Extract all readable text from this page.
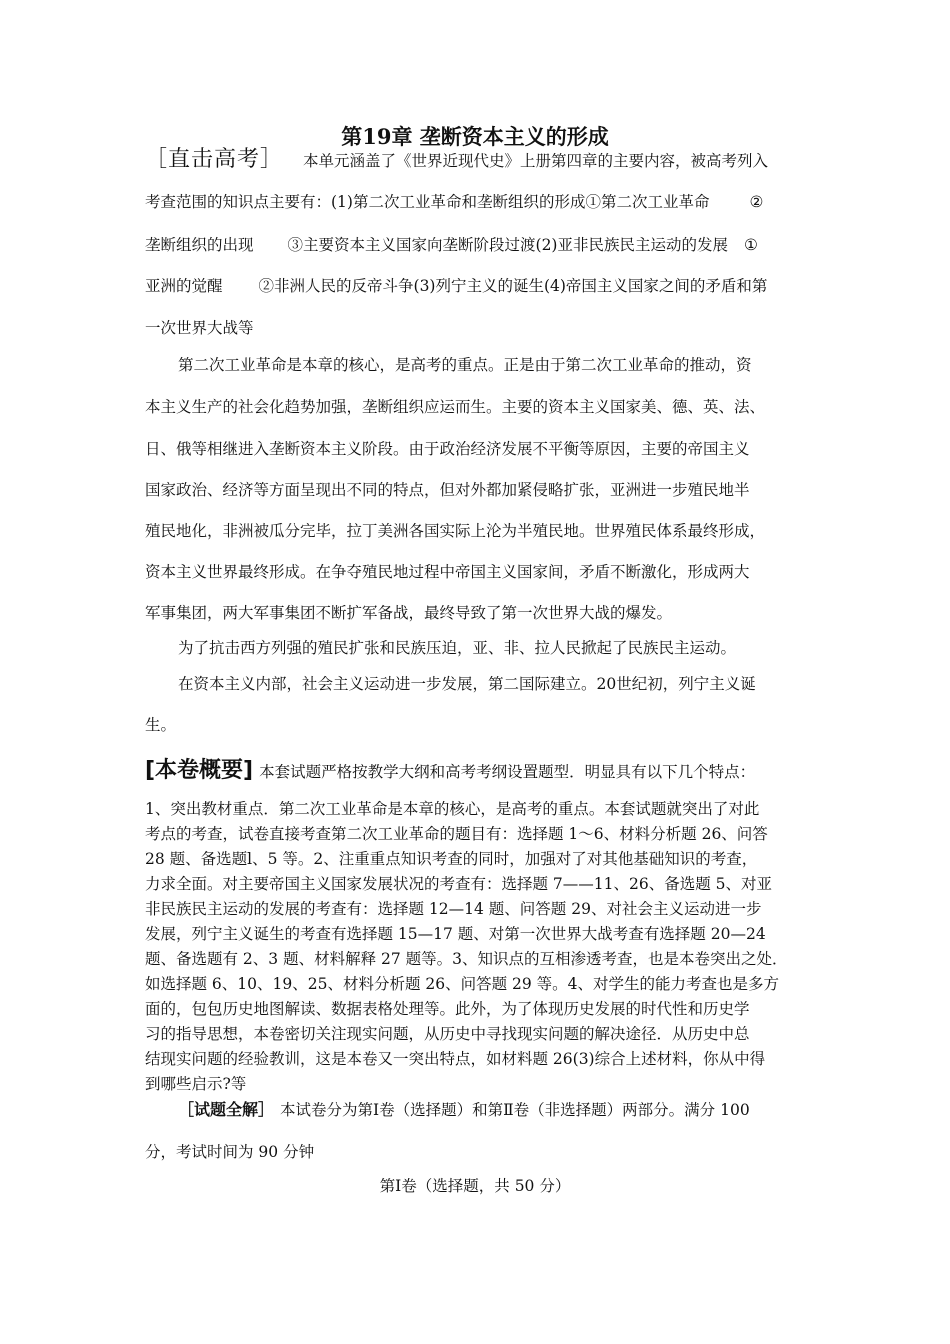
第19章 垄断资本主义的形成
［直击高考］ 本单元涵盖了《世界近现代史》上册第四章的主要内容，被高考列入
考查范围的知识点主要有：(1)第二次工业革命和垄断组织的形成①第二次工业革命	②
垄断组织的出现 ③主要资本主义国家向垄断阶段过渡(2)亚非民族民主运动的发展 ①
亚洲的觉醒 ②非洲人民的反帝斗争(3)列宁主义的诞生(4)帝国主义国家之间的矛盾和第
一次世界大战等
第二次工业革命是本章的核心，是高考的重点。正是由于第二次工业革命的推动，资
本主义生产的社会化趋势加强，垄断组织应运而生。主要的资本主义国家美、德、英、法、
日、俄等相继进入垄断资本主义阶段。由于政治经济发展不平衡等原因，主要的帝国主义
国家政治、经济等方面呈现出不同的特点，但对外都加紧侵略扩张，亚洲进一步殖民地半
殖民地化，非洲被瓜分完毕，拉丁美洲各国实际上沦为半殖民地。世界殖民体系最终形成，
资本主义世界最终形成。在争夺殖民地过程中帝国主义国家间，矛盾不断激化，形成两大
军事集团，两大军事集团不断扩军备战，最终导致了第一次世界大战的爆发。
为了抗击西方列强的殖民扩张和民族压迫，亚、非、拉人民掀起了民族民主运动。
在资本主义内部，社会主义运动进一步发展，第二国际建立。20世纪初，列宁主义诞
生。
[本卷概要] 本套试题严格按教学大纲和高考考纲设置题型．明显具有以下几个特点：
1、突出教材重点．第二次工业革命是本章的核心，是高考的重点。本套试题就突出了对此
考点的考查，试卷直接考查第二次工业革命的题目有：选择题 1～6、材料分析题 26、问答
28 题、备选题l、5 等。2、注重重点知识考查的同时，加强对了对其他基础知识的考查，
力求全面。对主要帝国主义国家发展状况的考查有：选择题 7——11、26、备选题 5、对亚
非民族民主运动的发展的考查有：选择题 12—14 题、问答题 29、对社会主义运动进一步
发展，列宁主义诞生的考查有选择题 15—17 题、对第一次世界大战考查有选择题 20—24
题、备选题有 2、3 题、材料解释 27 题等。3、知识点的互相渗透考查，也是本卷突出之处．
如选择题 6、10、19、25、材料分析题 26、问答题 29 等。4、对学生的能力考查也是多方
面的，包包历史地图解读、数据表格处理等。此外，为了体现历史发展的时代性和历史学
习的指导思想，本卷密切关注现实问题，从历史中寻找现实问题的解决途径．从历史中总
结现实问题的经验教训，这是本卷又一突出特点，如材料题 26(3)综合上述材料，你从中得
到哪些启示?等
［试题全解］ 本试卷分为第Ⅰ卷（选择题）和第Ⅱ卷（非选择题）两部分。满分 100
分，考试时间为 90 分钟
第Ⅰ卷（选择题，共 50 分）
